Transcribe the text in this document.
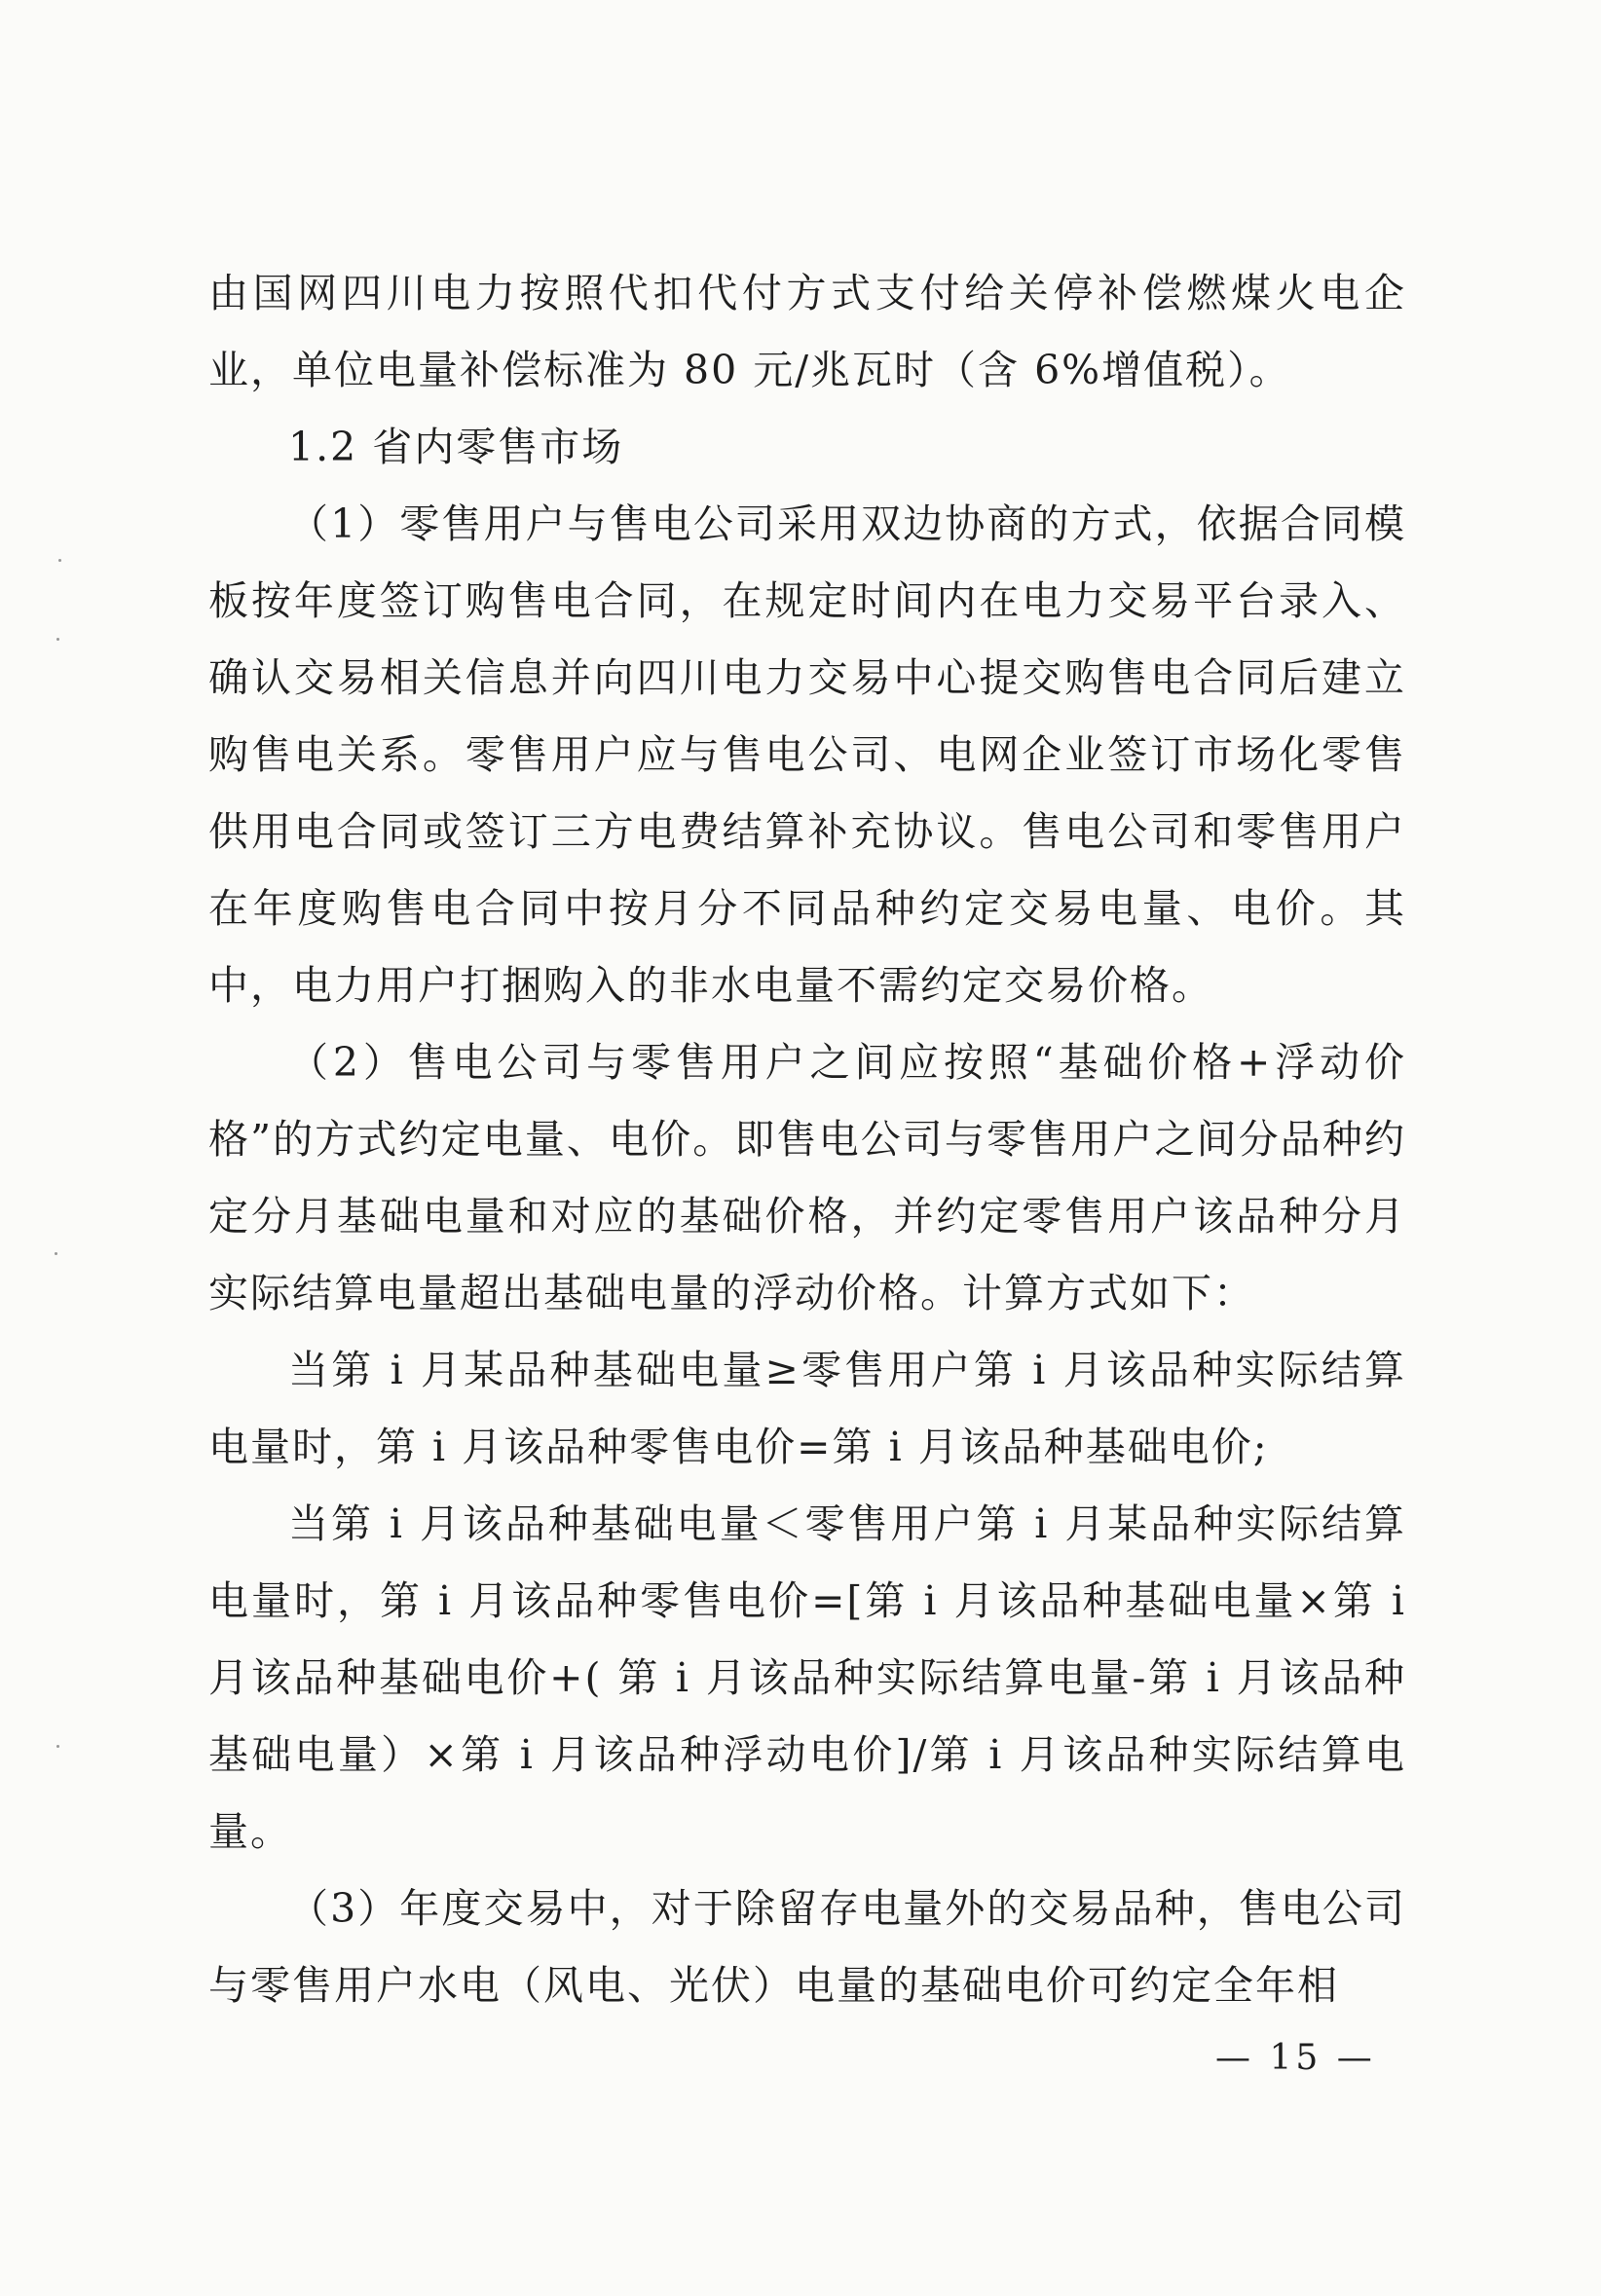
由国网四川电力按照代扣代付方式支付给关停补偿燃煤火电企业，单位电量补偿标准为 80 元/兆瓦时（含 6%增值税）。

1.2 省内零售市场

（1）零售用户与售电公司采用双边协商的方式，依据合同模板按年度签订购售电合同，在规定时间内在电力交易平台录入、确认交易相关信息并向四川电力交易中心提交购售电合同后建立购售电关系。零售用户应与售电公司、电网企业签订市场化零售供用电合同或签订三方电费结算补充协议。售电公司和零售用户在年度购售电合同中按月分不同品种约定交易电量、电价。其中，电力用户打捆购入的非水电量不需约定交易价格。

（2）售电公司与零售用户之间应按照“基础价格+浮动价格”的方式约定电量、电价。即售电公司与零售用户之间分品种约定分月基础电量和对应的基础价格，并约定零售用户该品种分月实际结算电量超出基础电量的浮动价格。计算方式如下：

当第 i 月某品种基础电量≥零售用户第 i 月该品种实际结算电量时，第 i 月该品种零售电价=第 i 月该品种基础电价;

当第 i 月该品种基础电量＜零售用户第 i 月某品种实际结算电量时，第 i 月该品种零售电价=[第 i 月该品种基础电量×第 i 月该品种基础电价+( 第 i 月该品种实际结算电量-第 i 月该品种基础电量）×第 i 月该品种浮动电价]/第 i 月该品种实际结算电量。

（3）年度交易中，对于除留存电量外的交易品种，售电公司与零售用户水电（风电、光伏）电量的基础电价可约定全年相

— 15 —
